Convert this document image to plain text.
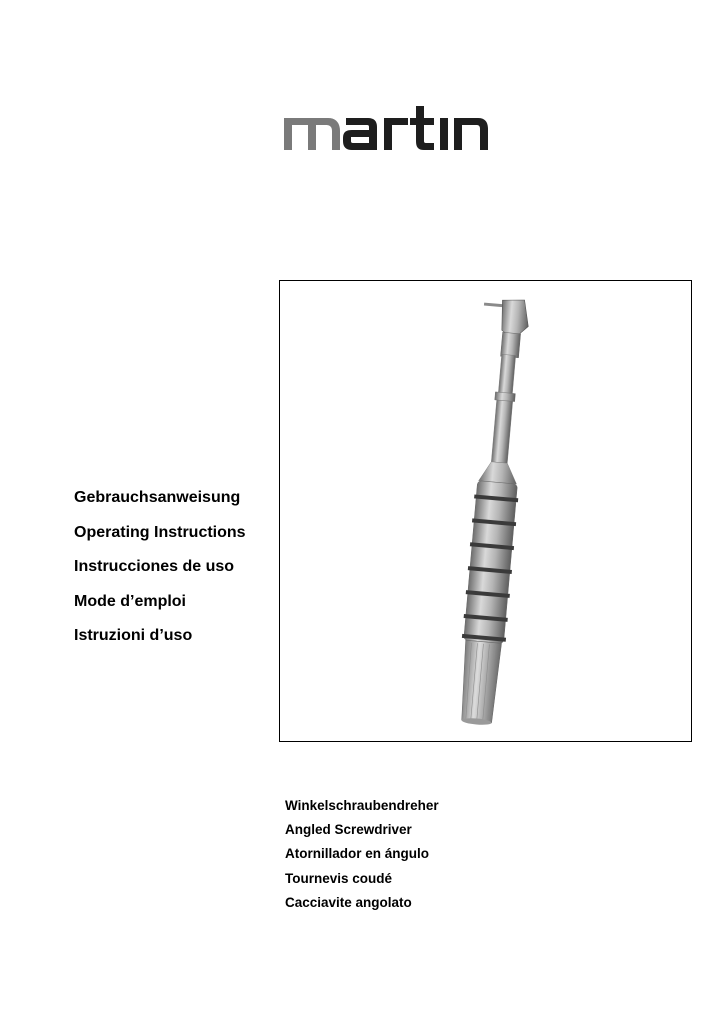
Gebrauchsanweisung
Operating Instructions
Instrucciones de uso
Mode d’emploi
Istruzioni d’uso
Winkelschraubendreher
Angled Screwdriver
Atornillador en ángulo
Tournevis coudé
Cacciavite angolato
